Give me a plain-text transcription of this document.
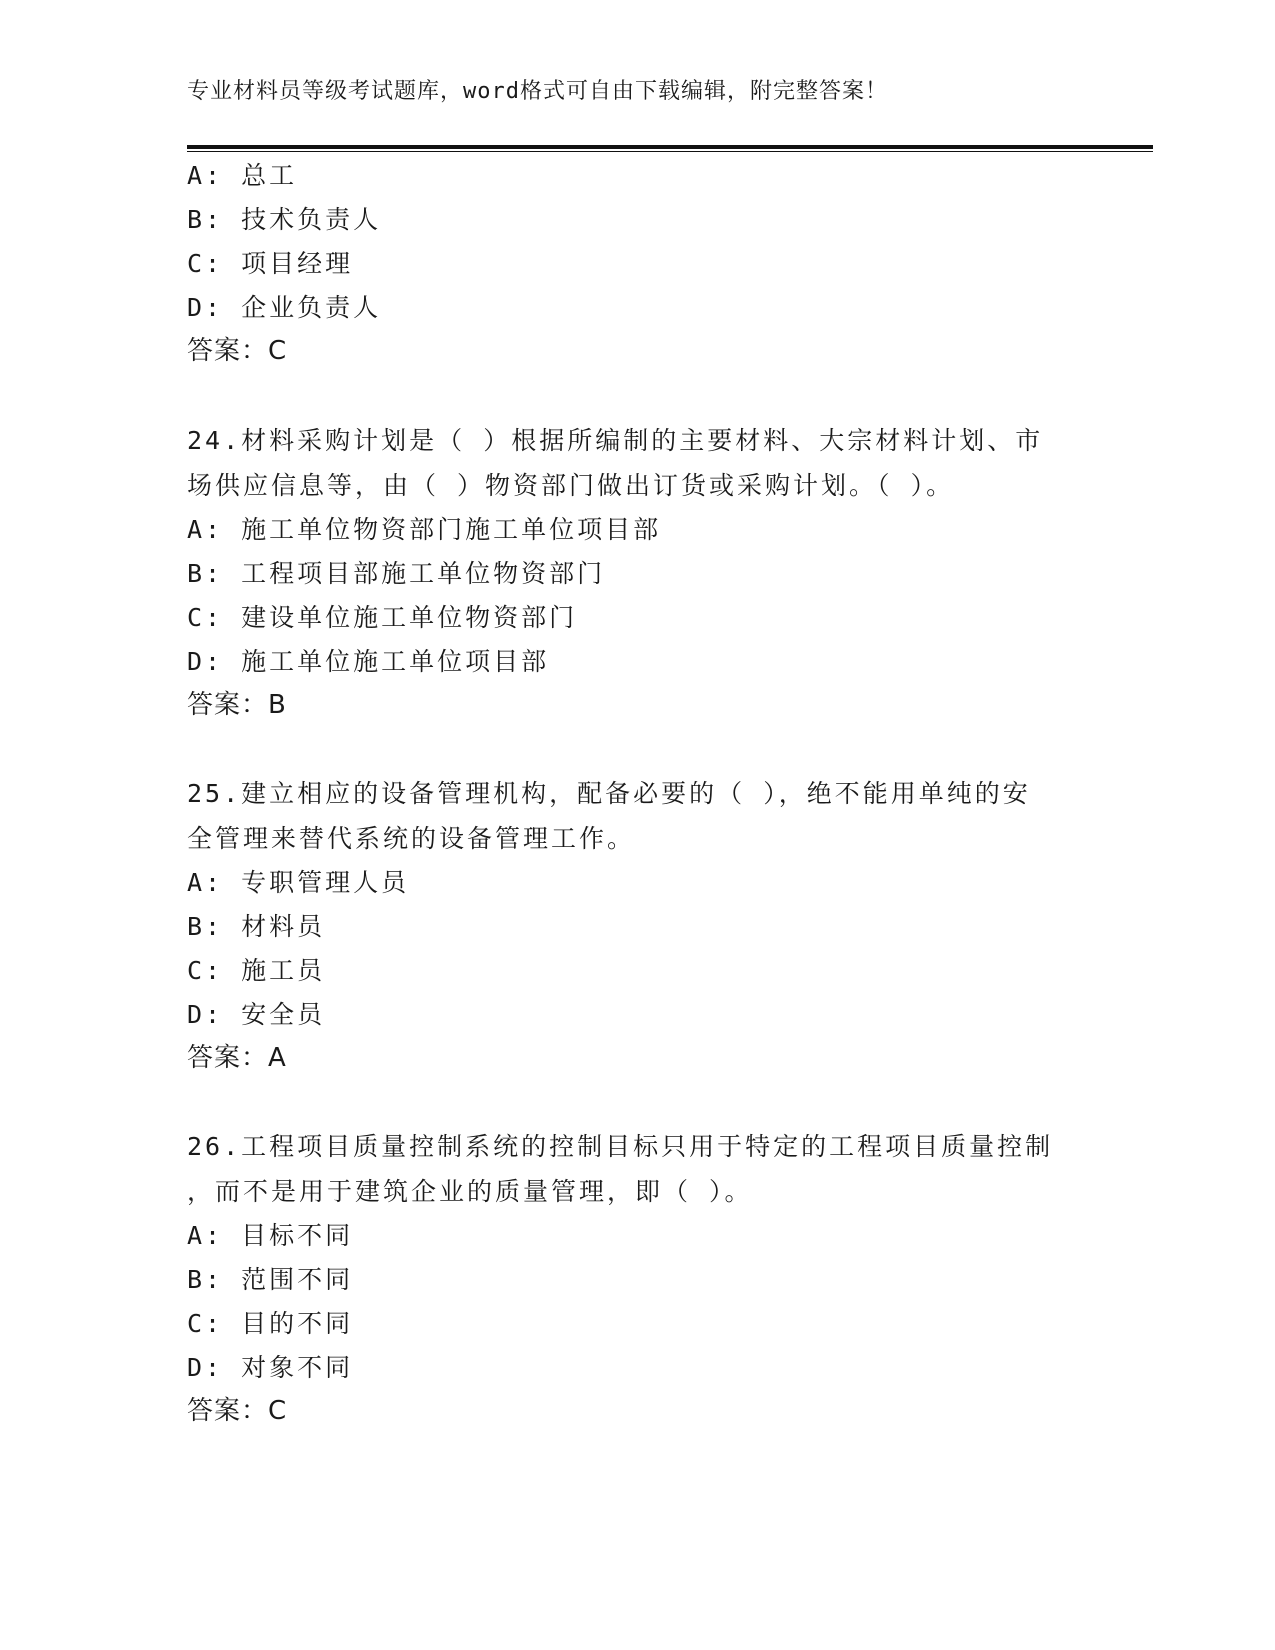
专业材料员等级考试题库，word格式可自由下载编辑，附完整答案！
A: 总工
B: 技术负责人
C: 项目经理
D: 企业负责人
答案：C
24.材料采购计划是（ ）根据所编制的主要材料、大宗材料计划、市
场供应信息等，由（ ）物资部门做出订货或采购计划。（ ）。
A: 施工单位物资部门施工单位项目部
B: 工程项目部施工单位物资部门
C: 建设单位施工单位物资部门
D: 施工单位施工单位项目部
答案：B
25.建立相应的设备管理机构，配备必要的（ ），绝不能用单纯的安
全管理来替代系统的设备管理工作。
A: 专职管理人员
B: 材料员
C: 施工员
D: 安全员
答案：A
26.工程项目质量控制系统的控制目标只用于特定的工程项目质量控制
，而不是用于建筑企业的质量管理，即（ ）。
A: 目标不同
B: 范围不同
C: 目的不同
D: 对象不同
答案：C
